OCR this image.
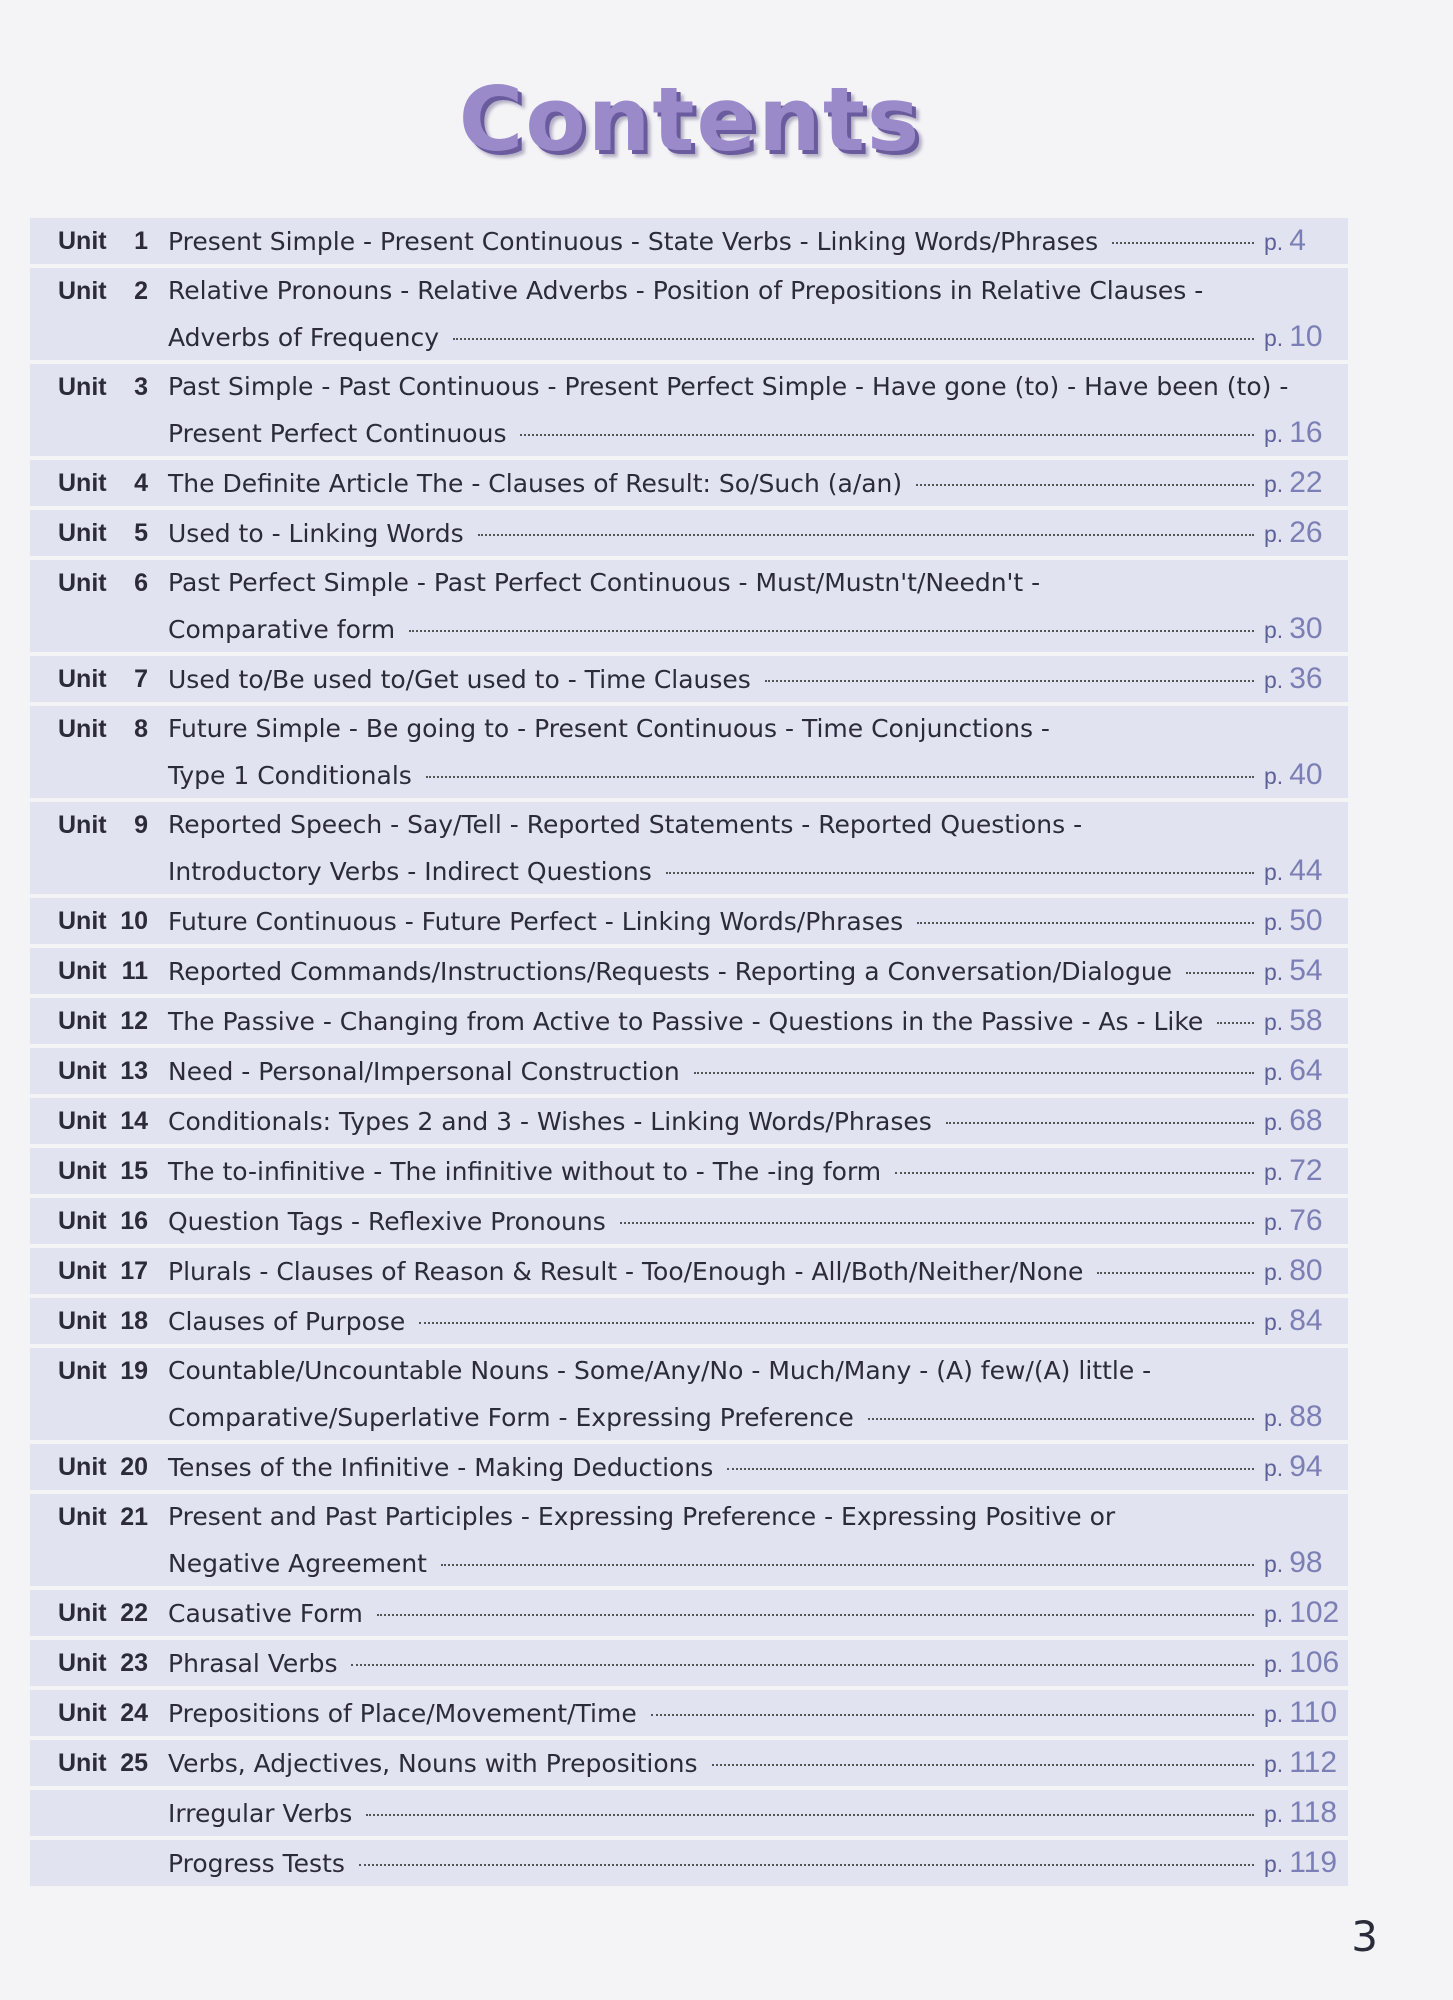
Contents
Unit	1 Present Simple - Present Continuous - State Verbs - Linking Words/Phrases	p. 4
Unit	2 Relative Pronouns - Relative Adverbs - Position of Prepositions in Relative Clauses -
Adverbs of Frequency	p. 10
Unit	3 Past Simple - Past Continuous - Present Perfect Simple - Have gone (to) - Have been (to) -
Present Perfect Continuous	p. 16
Unit	4 The Definite Article The - Clauses of Result: So/Such (a/an)	p. 22
Unit	5 Used to - Linking Words	p. 26
Unit	6 Past Perfect Simple - Past Perfect Continuous - Must/Mustn't/Needn't -
Comparative form	p. 30
Unit	7 Used to/Be used to/Get used to - Time Clauses	p. 36
Unit	8 Future Simple - Be going to - Present Continuous - Time Conjunctions -
Type 1 Conditionals	p. 40
Unit	9 Reported Speech - Say/Tell - Reported Statements - Reported Questions -
Introductory Verbs - Indirect Questions	p. 44
Unit 10 Future Continuous - Future Perfect - Linking Words/Phrases	p. 50
Unit 11 Reported Commands/Instructions/Requests - Reporting a Conversation/Dialogue	p. 54
Unit 12 The Passive - Changing from Active to Passive - Questions in the Passive - As - Like	p. 58
Unit 13 Need - Personal/Impersonal Construction	p. 64
Unit 14 Conditionals: Types 2 and 3 - Wishes - Linking Words/Phrases	p. 68
Unit 15 The to-infinitive - The infinitive without to - The -ing form	p. 72
Unit 16 Question Tags - Reflexive Pronouns	p. 76
Unit 17 Plurals - Clauses of Reason & Result - Too/Enough - All/Both/Neither/None	p. 80
Unit 18 Clauses of Purpose	p. 84
Unit 19 Countable/Uncountable Nouns - Some/Any/No - Much/Many - (A) few/(A) little -
Comparative/Superlative Form - Expressing Preference	p. 88
Unit 20 Tenses of the Infinitive - Making Deductions	p. 94
Unit 21 Present and Past Participles - Expressing Preference - Expressing Positive or
Negative Agreement	p. 98
Unit 22 Causative Form	p. 102
Unit 23 Phrasal Verbs	p. 106
Unit 24 Prepositions of Place/Movement/Time	p. 110
Unit 25 Verbs, Adjectives, Nouns with Prepositions	p. 112
Irregular Verbs	p. 118
Progress Tests	p. 119
3
